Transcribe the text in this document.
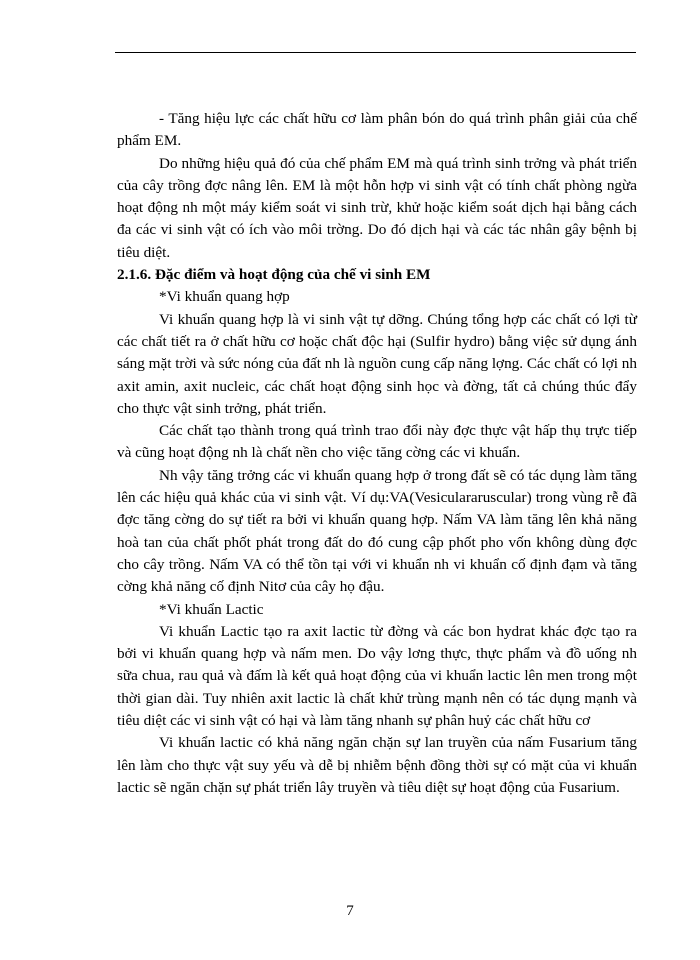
- Tăng hiệu lực các chất hữu cơ làm phân bón do quá trình phân giải của chế phẩm EM.

Do những hiệu quả đó của chế phẩm EM mà quá trình sinh trởng và phát triển của cây trồng đợc nâng lên. EM là một hỗn hợp vi sinh vật có tính chất phòng ngừa hoạt động nh một máy kiểm soát vi sinh trừ, khử hoặc kiểm soát dịch hại bằng cách đa các vi sinh vật có ích vào môi trờng. Do đó dịch hại và các tác nhân gây bệnh bị tiêu diệt.

2.1.6. Đặc điểm và hoạt động của chế vi sinh EM

*Vi khuẩn quang hợp

Vi khuẩn quang hợp là vi sinh vật tự dỡng. Chúng tổng hợp các chất có lợi từ các chất tiết ra ở chất hữu cơ hoặc chất độc hại (Sulfir hydro) bằng việc sử dụng ánh sáng mặt trời và sức nóng của đất nh là nguồn cung cấp năng lợng. Các chất có lợi nh axit amin, axit nucleic, các chất hoạt động sinh học và đờng, tất cả chúng thúc đẩy cho thực vật sinh trởng, phát triển.

Các chất tạo thành trong quá trình trao đổi này đợc thực vật hấp thụ trực tiếp và cũng hoạt động nh là chất nền cho việc tăng cờng các vi khuẩn.

Nh vậy tăng trởng các vi khuẩn quang hợp ở trong đất sẽ có tác dụng làm tăng lên các hiệu quả khác của vi sinh vật. Ví dụ:VA(Vesiculararuscular) trong vùng rễ đã đợc tăng cờng do sự tiết ra bởi vi khuẩn quang hợp. Nấm VA làm tăng lên khả năng hoà tan của chất phốt phát trong đất do đó cung cập phốt pho vốn không dùng đợc cho cây trồng. Nấm VA có thể tồn tại với vi khuẩn nh vi khuẩn cố định đạm và tăng cờng khả năng cố định Nitơ của cây họ đậu.

*Vi khuẩn Lactic

Vi khuẩn Lactic tạo ra axit lactic từ đờng và các bon hydrat khác đợc tạo ra bởi vi khuẩn quang hợp và nấm men. Do vậy lơng thực, thực phẩm và đồ uống nh sữa chua, rau quả và đấm là kết quả hoạt động của vi khuẩn lactic lên men trong một thời gian dài. Tuy nhiên axit lactic là chất khử trùng mạnh nên có tác dụng mạnh và tiêu diệt các vi sinh vật có hại và làm tăng nhanh sự phân huỷ các chất hữu cơ

Vi khuẩn lactic có khả năng ngăn chặn sự lan truyền của nấm Fusarium tăng lên làm cho thực vật suy yếu và dễ bị nhiễm bệnh đồng thời sự có mặt của vi khuẩn lactic sẽ ngăn chặn sự phát triển lây truyền và tiêu diệt sự hoạt động của Fusarium.

7
